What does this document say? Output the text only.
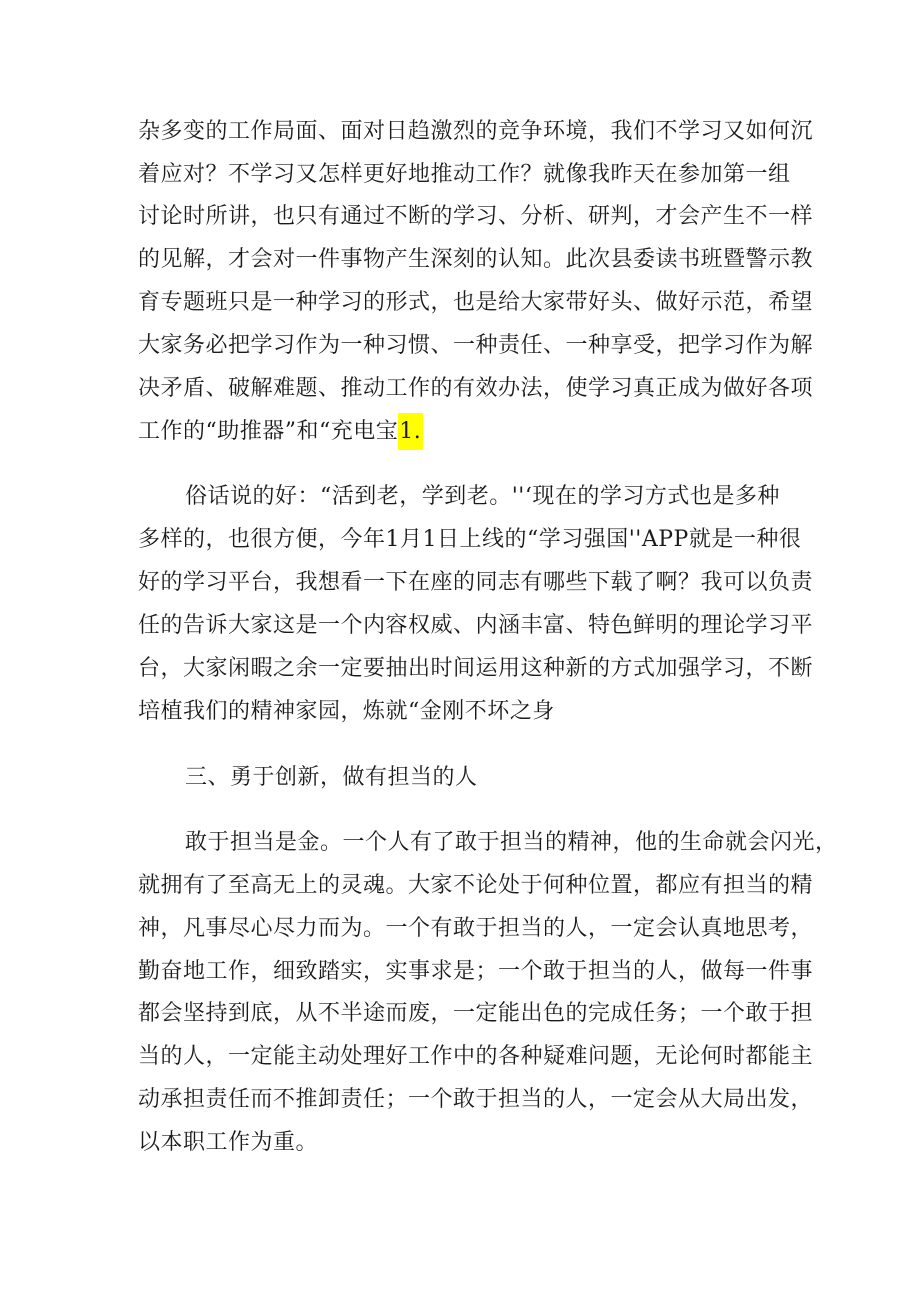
杂多变的工作局面、面对日趋激烈的竞争环境，我们不学习又如何沉
着应对？不学习又怎样更好地推动工作？就像我昨天在参加第一组
讨论时所讲，也只有通过不断的学习、分析、研判，才会产生不一样
的见解，才会对一件事物产生深刻的认知。此次县委读书班暨警示教
育专题班只是一种学习的形式，也是给大家带好头、做好示范，希望
大家务必把学习作为一种习惯、一种责任、一种享受，把学习作为解
决矛盾、破解难题、推动工作的有效办法，使学习真正成为做好各项
工作的“助推器”和“充电宝1.
俗话说的好：“活到老，学到老。''‘现在的学习方式也是多种
多样的，也很方便，今年1月1日上线的“学习强国''APP就是一种很
好的学习平台，我想看一下在座的同志有哪些下载了啊？我可以负责
任的告诉大家这是一个内容权威、内涵丰富、特色鲜明的理论学习平
台，大家闲暇之余一定要抽出时间运用这种新的方式加强学习，不断
培植我们的精神家园，炼就“金刚不坏之身
三、勇于创新，做有担当的人
敢于担当是金。一个人有了敢于担当的精神，他的生命就会闪光，
就拥有了至高无上的灵魂。大家不论处于何种位置，都应有担当的精
神，凡事尽心尽力而为。一个有敢于担当的人，一定会认真地思考，
勤奋地工作，细致踏实，实事求是；一个敢于担当的人，做每一件事
都会坚持到底，从不半途而废，一定能出色的完成任务；一个敢于担
当的人，一定能主动处理好工作中的各种疑难问题，无论何时都能主
动承担责任而不推卸责任；一个敢于担当的人，一定会从大局出发，
以本职工作为重。
